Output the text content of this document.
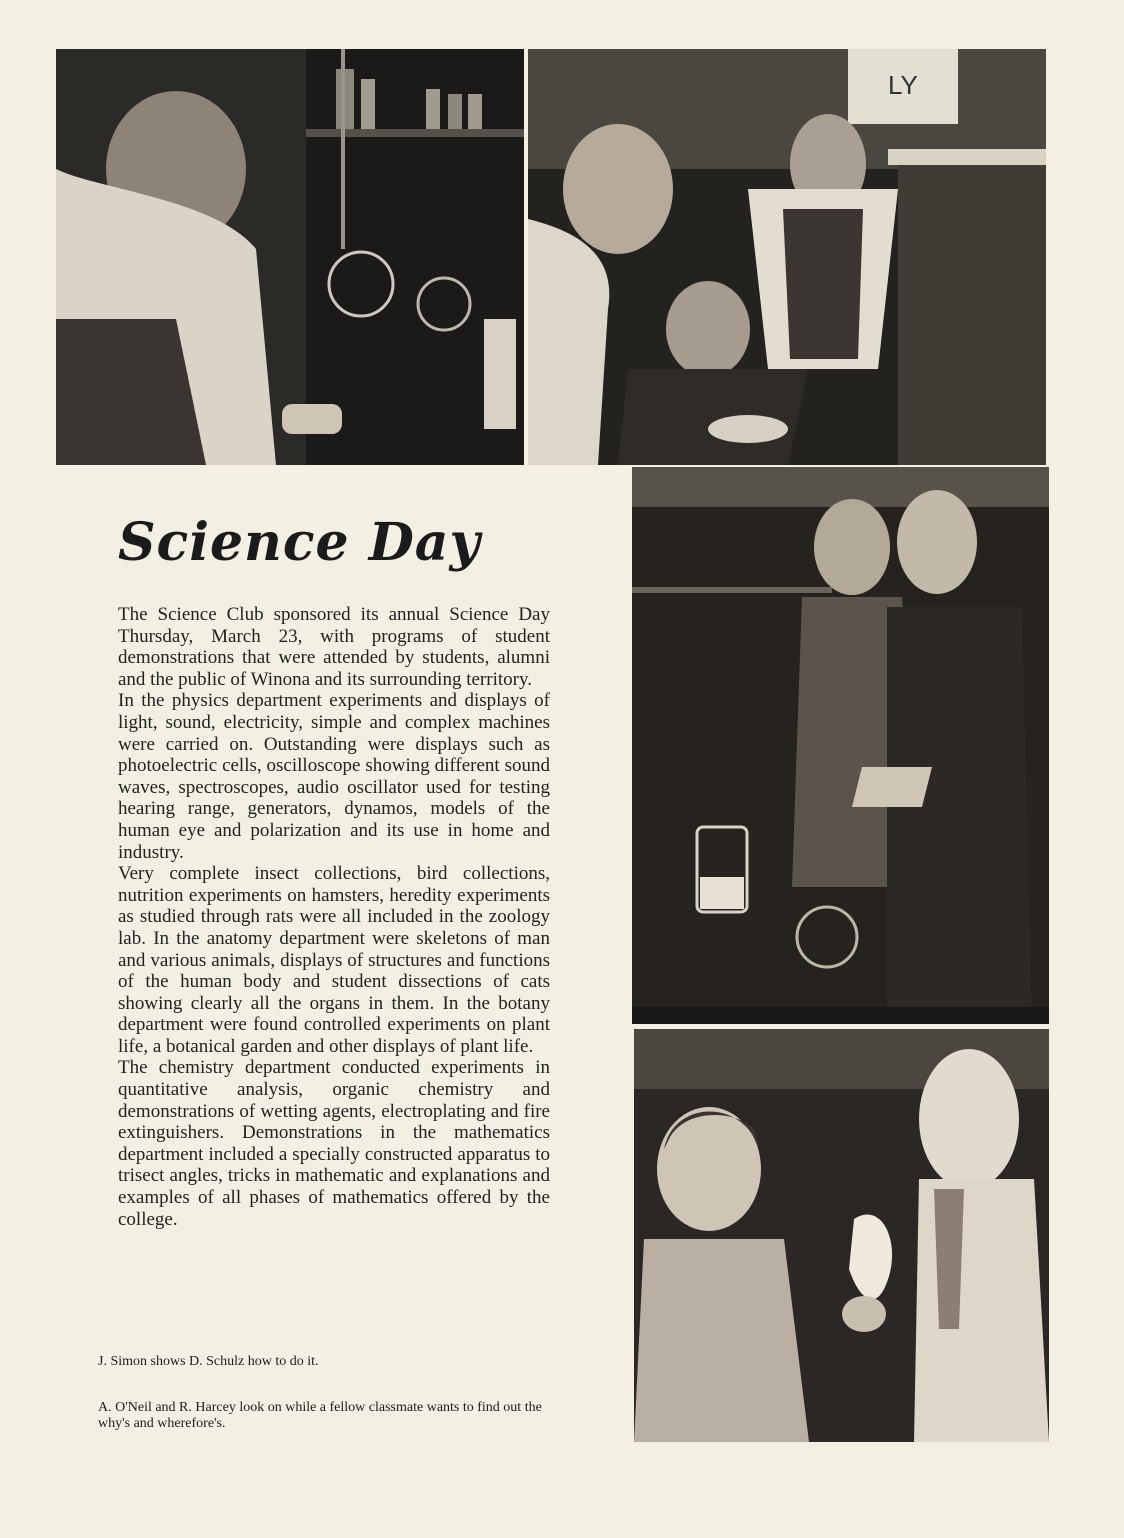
LY
Science Day

The Science Club sponsored its annual Science Day Thursday, March 23, with programs of student demonstrations that were attended by students, alumni and the public of Winona and its surrounding territory.

In the physics department experiments and displays of light, sound, electricity, simple and complex machines were carried on. Outstanding were displays such as photoelectric cells, oscilloscope showing different sound waves, spectroscopes, audio oscillator used for testing hearing range, generators, dynamos, models of the human eye and polarization and its use in home and industry.

Very complete insect collections, bird collections, nutrition experiments on hamsters, heredity experiments as studied through rats were all included in the zoology lab. In the anatomy department were skeletons of man and various animals, displays of structures and functions of the human body and student dissections of cats showing clearly all the organs in them. In the botany department were found controlled experiments on plant life, a botanical garden and other displays of plant life.

The chemistry department conducted experiments in quantitative analysis, organic chemistry and demonstrations of wetting agents, electroplating and fire extinguishers. Demonstrations in the mathematics department included a specially constructed apparatus to trisect angles, tricks in mathematic and explanations and examples of all phases of mathematics offered by the college.

J. Simon shows D. Schulz how to do it.
A. O'Neil and R. Harcey look on while a fellow classmate wants to find out the why's and wherefore's.
